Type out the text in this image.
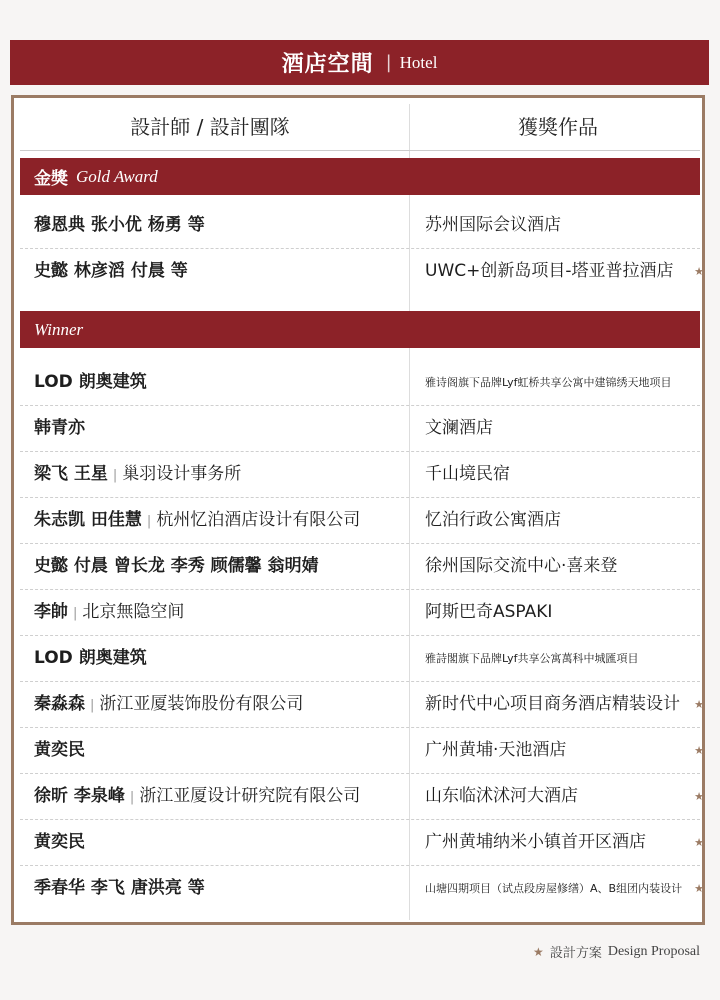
酒店空間 | Hotel
設計師 / 設計團隊	獲獎作品
金獎 Gold Award
穆恩典 张小优 杨勇 等	苏州国际会议酒店
史懿 林彦滔 付晨 等	UWC+创新岛项目-塔亚普拉酒店 ★
Winner
LOD 朗奥建筑	雅诗阁旗下品牌Lyf虹桥共享公寓中建锦绣天地项目
韩青亦	文澜酒店
梁飞 王星 | 巢羽设计事务所	千山境民宿
朱志凯 田佳慧 | 杭州忆泊酒店设计有限公司	忆泊行政公寓酒店
史懿 付晨 曾长龙 李秀 顾儒馨 翁明婧	徐州国际交流中心·喜来登
李帥 | 北京無隐空间	阿斯巴奇ASPAKI
LOD 朗奥建筑	雅詩閣旗下品牌Lyf共享公寓萬科中城匯項目
秦淼森 | 浙江亚厦装饰股份有限公司	新时代中心项目商务酒店精装设计 ★
黄奕民	广州黄埔·天池酒店	★
徐昕 李泉峰 | 浙江亚厦设计研究院有限公司	山东临沭沭河大酒店	★
黄奕民	广州黄埔纳米小镇首开区酒店	★
季春华 李飞 唐洪亮 等	山塘四期项目（试点段房屋修缮）A、B组团内装设计 ★
★ 設計方案 Design Proposal
